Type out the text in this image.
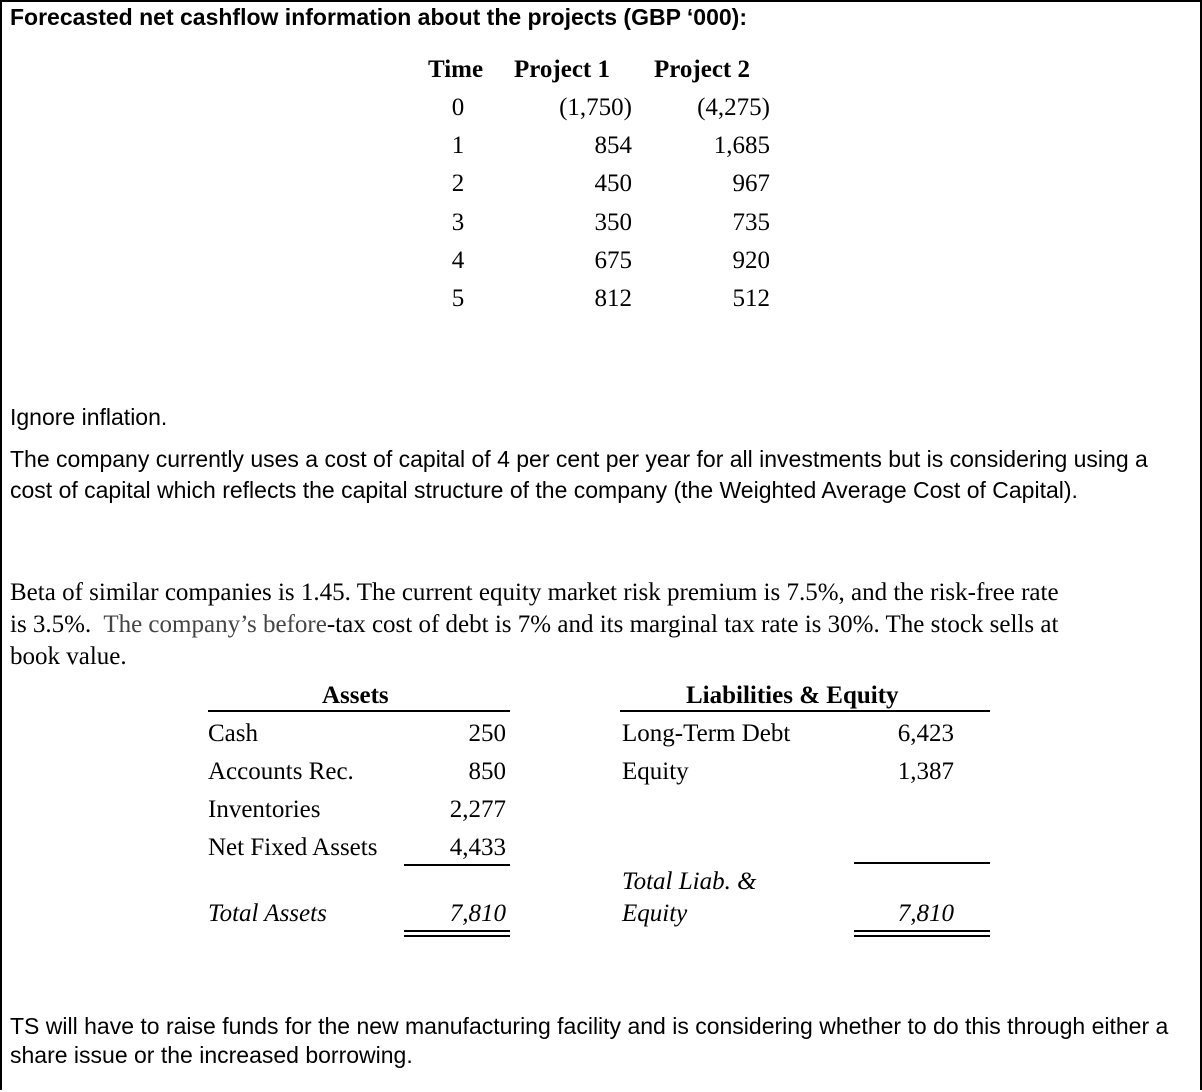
Forecasted net cashflow information about the projects (GBP ‘000):
Time Project 1 Project 2
0	(1,750)	(4,275)
1	854	1,685
2	450	967
3	350	735
4	675	920
5	812	512

Ignore inflation.

The company currently uses a cost of capital of 4 per cent per year for all investments but is considering using a cost of capital which reflects the capital structure of the company (the Weighted Average Cost of Capital).

Beta of similar companies is 1.45. The current equity market risk premium is 7.5%, and the risk-free rate
is 3.5%.  The company’s before-tax cost of debt is 7% and its marginal tax rate is 30%. The stock sells at
book value.
Assets	Liabilities & Equity
Cash	250
Accounts Rec.	850
Inventories	2,277
Net Fixed Assets	4,433
Long-Term Debt	6,423
Equity	1,387
Total Assets	7,810
Total Liab. &
Equity	7,810

TS will have to raise funds for the new manufacturing facility and is considering whether to do this through either a share issue or the increased borrowing.
